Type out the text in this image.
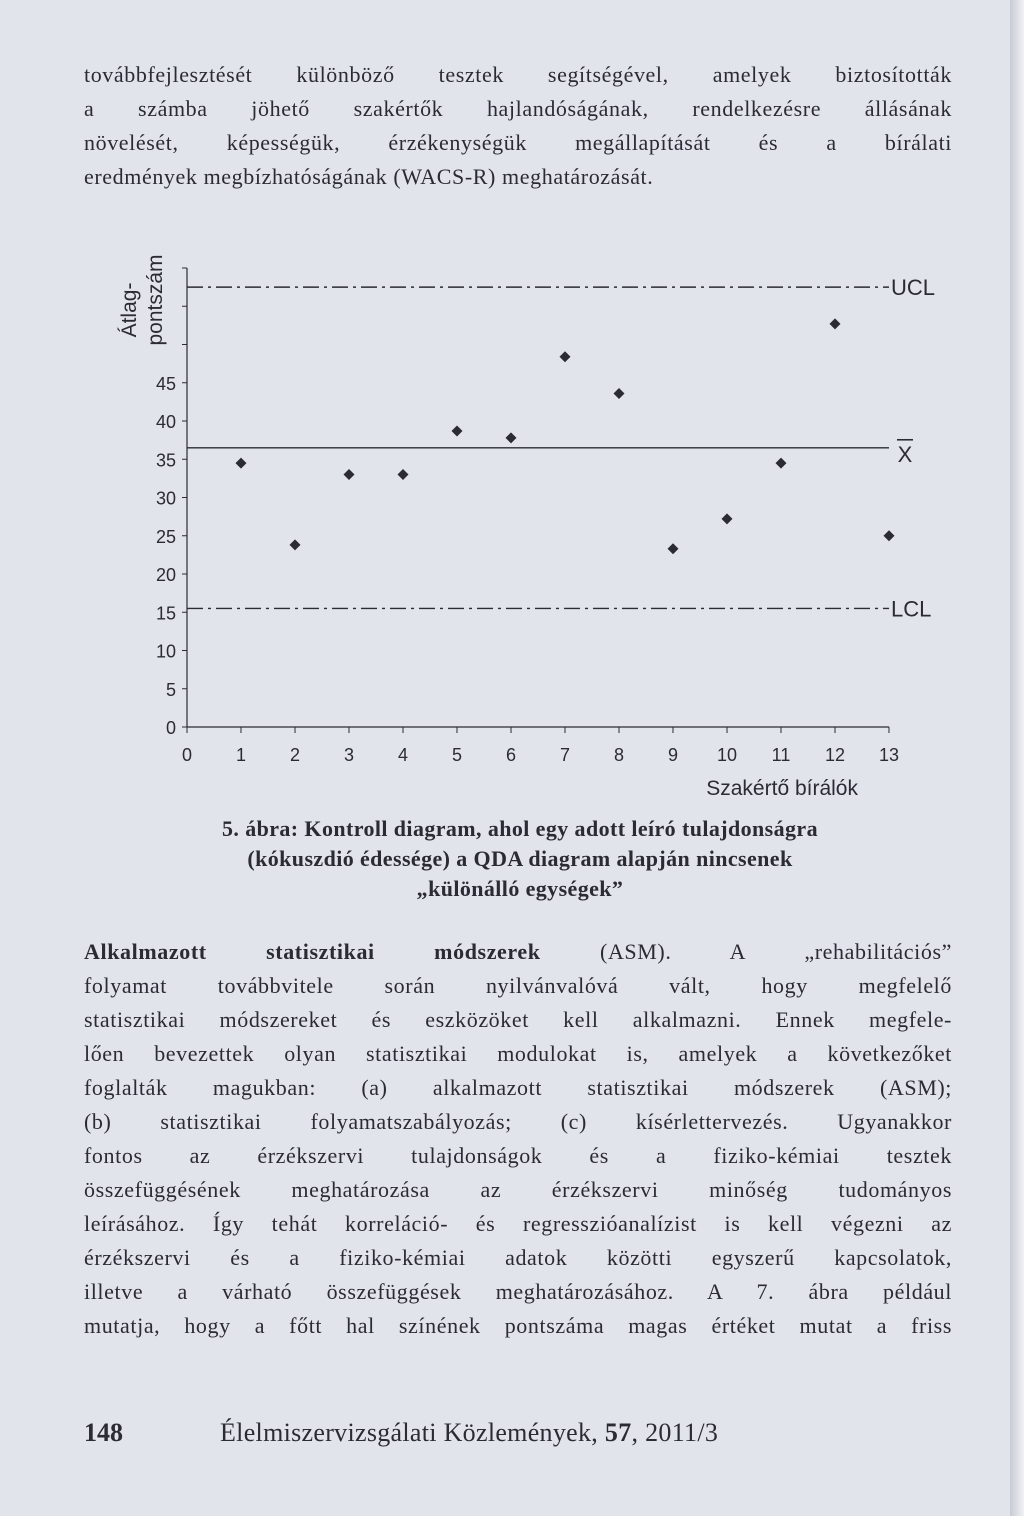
továbbfejlesztését különböző tesztek segítségével, amelyek biztosították

a számba jöhető szakértők hajlandóságának, rendelkezésre állásának

növelését, képességük, érzékenységük megállapítását és a bírálati

eredmények megbízhatóságának (WACS-R) meghatározását.

0
5
10
15
20
25
30
35
40
45
0 1 2 3 4 5 6 7 8 9 10 11 12 13
UCL
X
LCL
Átlag- pontszám
Szakértő bírálók
5. ábra: Kontroll diagram, ahol egy adott leíró tulajdonságra
(kókuszdió édessége) a QDA diagram alapján nincsenek
„különálló egységek”

Alkalmazott statisztikai módszerek (ASM). A „rehabilitációs”

folyamat továbbvitele során nyilvánvalóvá vált, hogy megfelelő

statisztikai módszereket és eszközöket kell alkalmazni. Ennek megfele-

lően bevezettek olyan statisztikai modulokat is, amelyek a következőket

foglalták magukban: (a) alkalmazott statisztikai módszerek (ASM);

(b) statisztikai folyamatszabályozás; (c) kísérlettervezés. Ugyanakkor

fontos az érzékszervi tulajdonságok és a fiziko-kémiai tesztek

összefüggésének meghatározása az érzékszervi minőség tudományos

leírásához. Így tehát korreláció- és regresszióanalízist is kell végezni az

érzékszervi és a fiziko-kémiai adatok közötti egyszerű kapcsolatok,

illetve a várható összefüggések meghatározásához. A 7. ábra például

mutatja, hogy a főtt hal színének pontszáma magas értéket mutat a friss

148	Élelmiszervizsgálati Közlemények, 57, 2011/3
